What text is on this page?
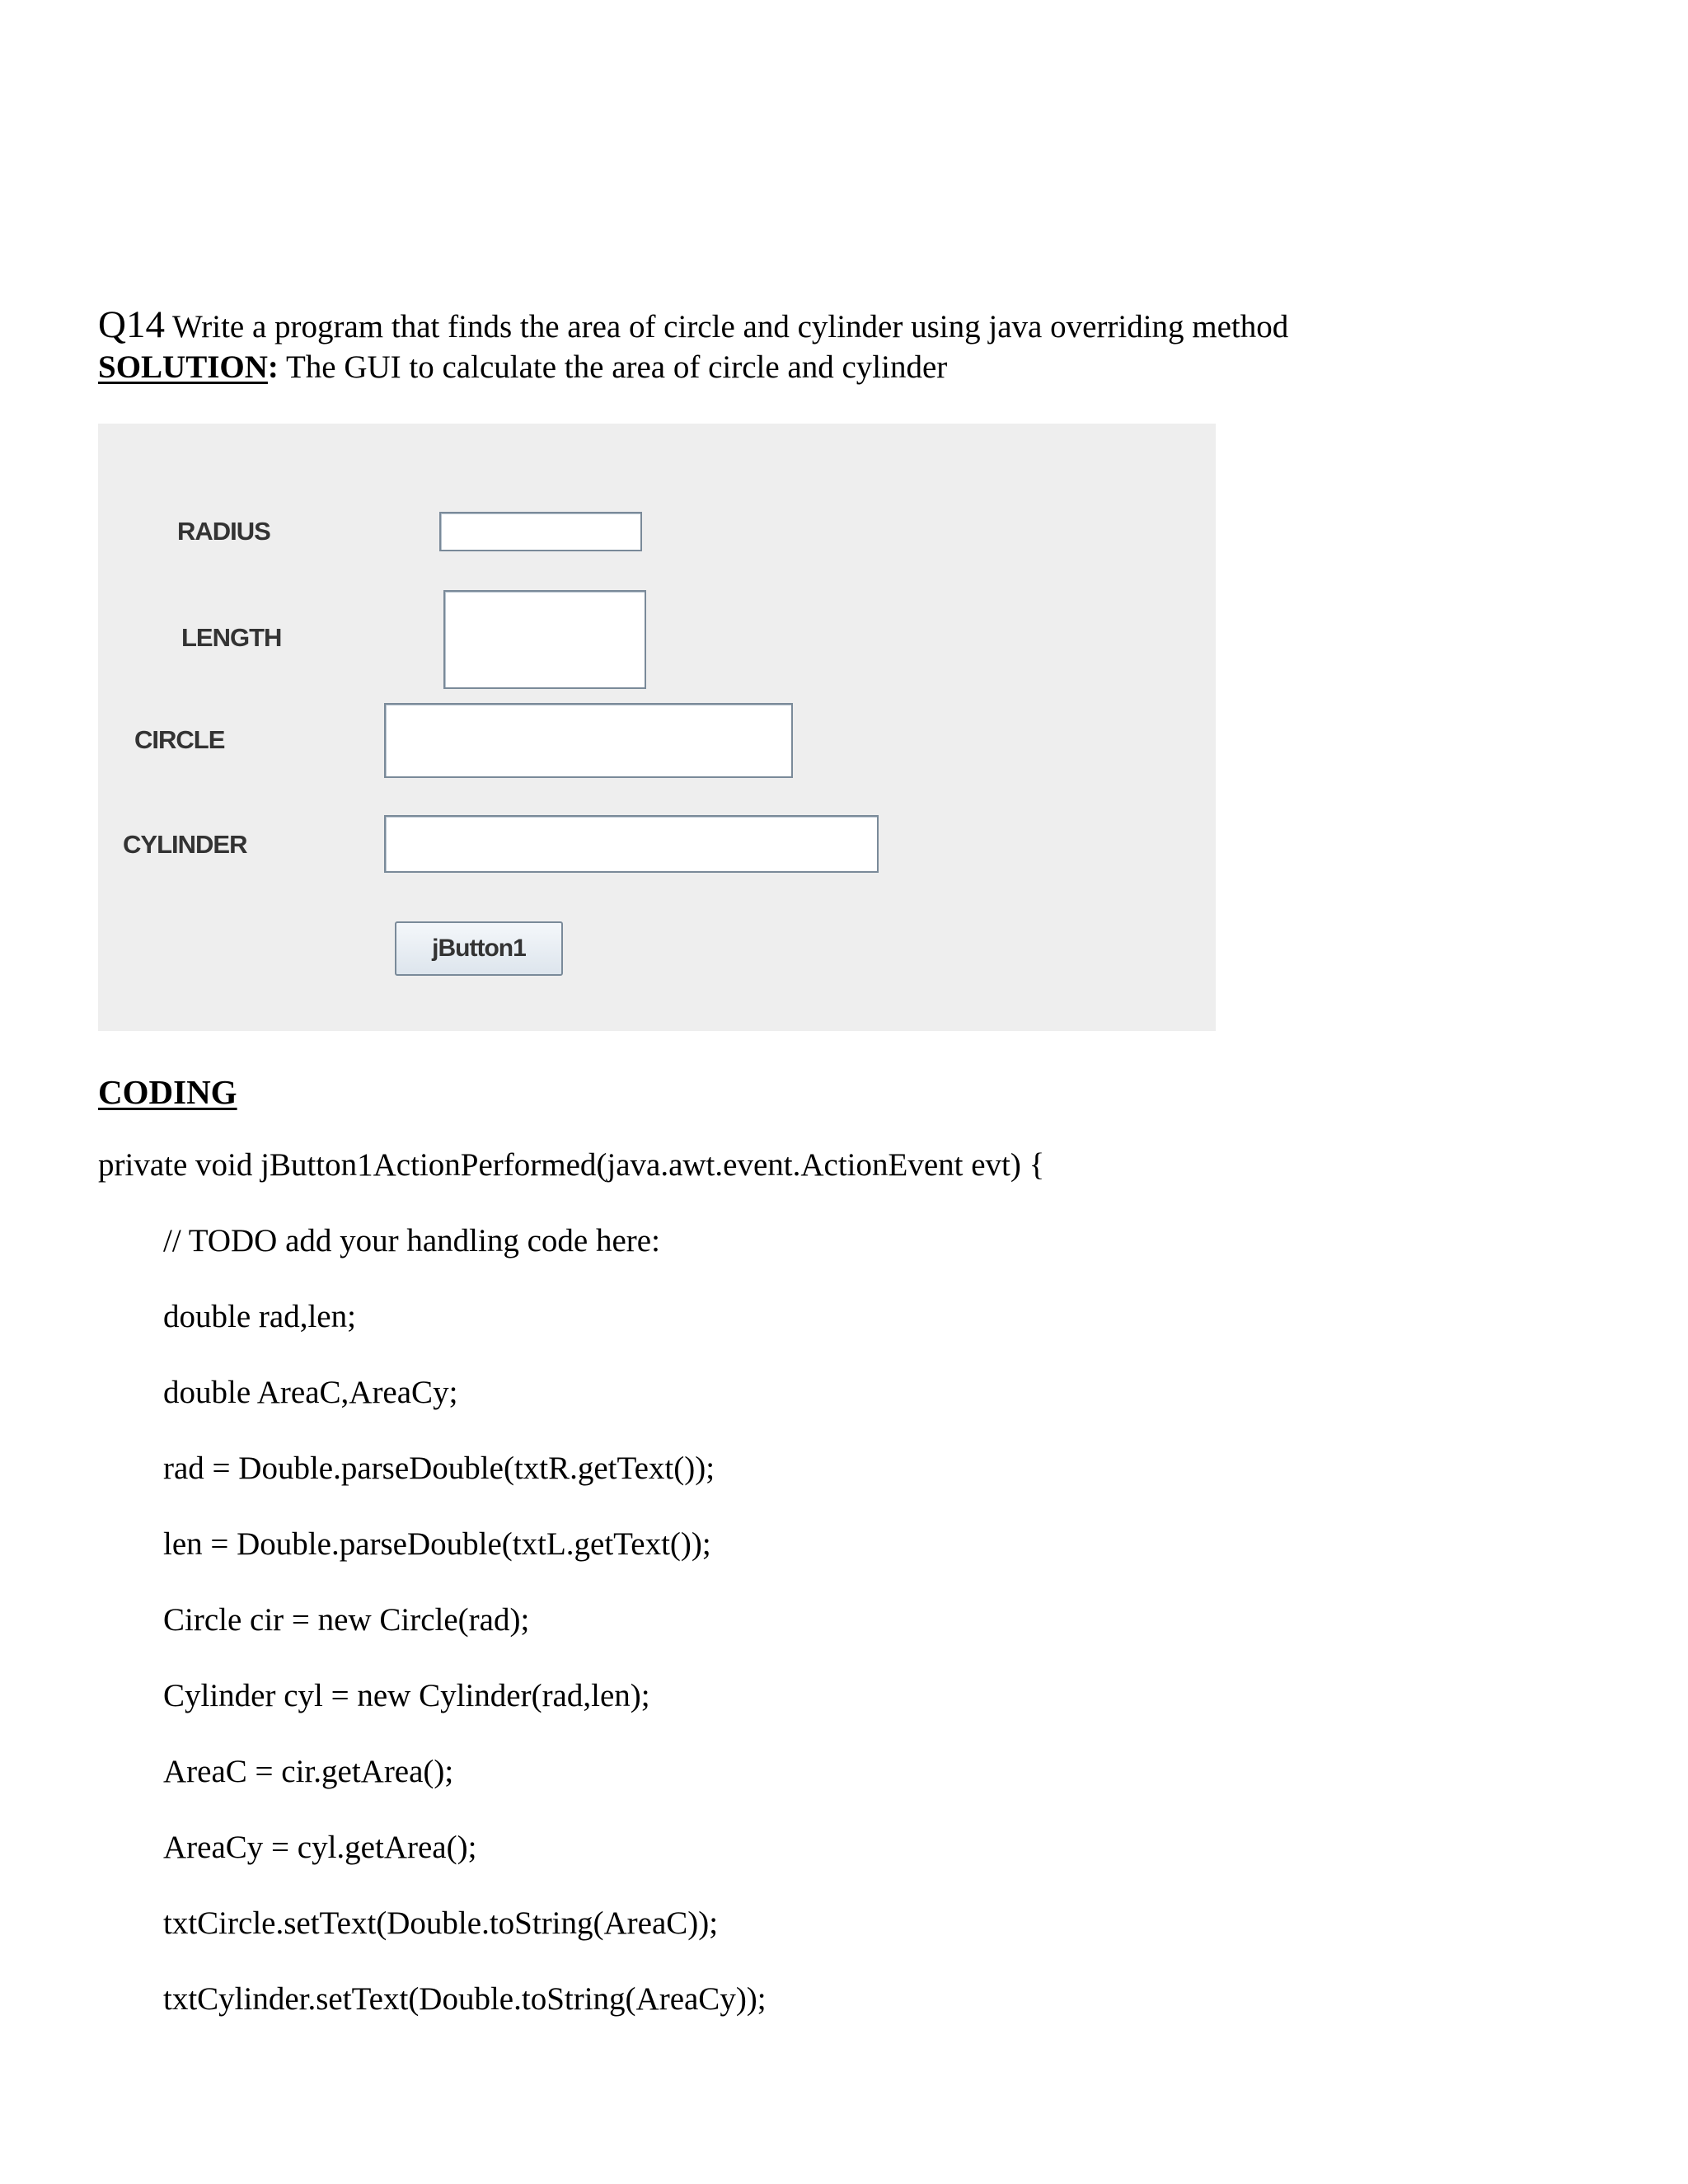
Q14 Write a program that finds the area of circle and cylinder using java overriding method
SOLUTION: The GUI to calculate the area of circle and cylinder
RADIUS
LENGTH
CIRCLE
CYLINDER
jButton1
CODING
private void jButton1ActionPerformed(java.awt.event.ActionEvent evt) {
// TODO add your handling code here:
double rad,len;
double AreaC,AreaCy;
rad = Double.parseDouble(txtR.getText());
len = Double.parseDouble(txtL.getText());
Circle cir = new Circle(rad);
Cylinder cyl = new Cylinder(rad,len);
AreaC = cir.getArea();
AreaCy = cyl.getArea();
txtCircle.setText(Double.toString(AreaC));
txtCylinder.setText(Double.toString(AreaCy));
